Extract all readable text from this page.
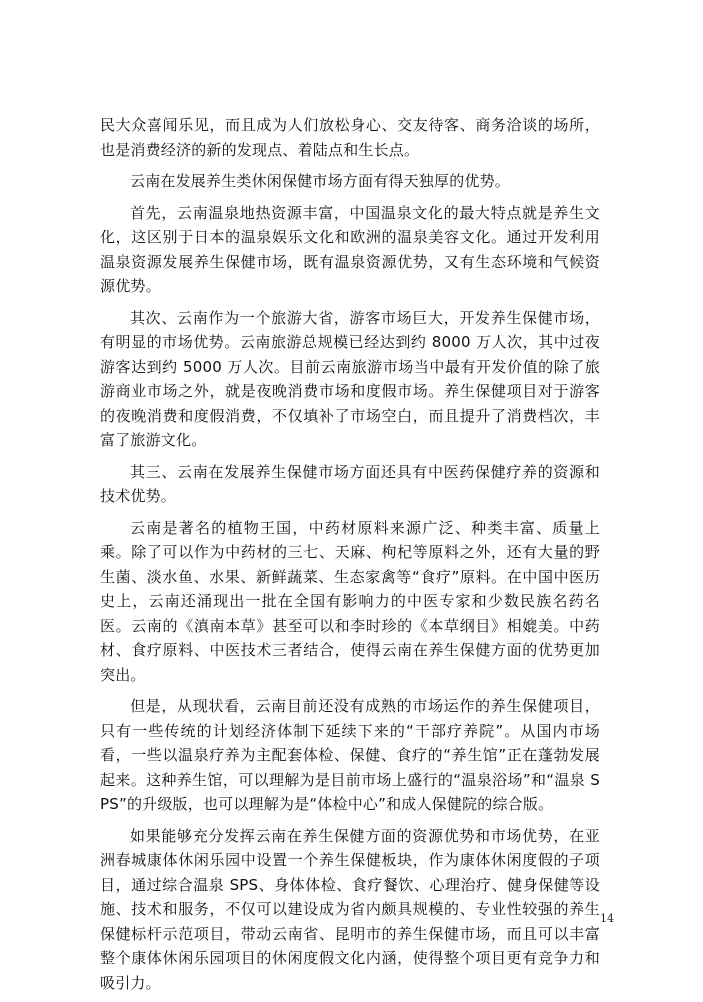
民大众喜闻乐见，而且成为人们放松身心、交友待客、商务洽谈的场所，也是消费经济的新的发现点、着陆点和生长点。

云南在发展养生类休闲保健市场方面有得天独厚的优势。

首先，云南温泉地热资源丰富，中国温泉文化的最大特点就是养生文化，这区别于日本的温泉娱乐文化和欧洲的温泉美容文化。通过开发利用温泉资源发展养生保健市场，既有温泉资源优势，又有生态环境和气候资源优势。

其次、云南作为一个旅游大省，游客市场巨大，开发养生保健市场，有明显的市场优势。云南旅游总规模已经达到约 8000 万人次，其中过夜游客达到约 5000 万人次。目前云南旅游市场当中最有开发价值的除了旅游商业市场之外，就是夜晚消费市场和度假市场。养生保健项目对于游客的夜晚消费和度假消费，不仅填补了市场空白，而且提升了消费档次，丰富了旅游文化。

其三、云南在发展养生保健市场方面还具有中医药保健疗养的资源和技术优势。

云南是著名的植物王国，中药材原料来源广泛、种类丰富、质量上乘。除了可以作为中药材的三七、天麻、枸杞等原料之外，还有大量的野生菌、淡水鱼、水果、新鲜蔬菜、生态家禽等“食疗”原料。在中国中医历史上，云南还涌现出一批在全国有影响力的中医专家和少数民族名药名医。云南的《滇南本草》甚至可以和李时珍的《本草纲目》相媲美。中药材、食疗原料、中医技术三者结合，使得云南在养生保健方面的优势更加突出。

但是，从现状看，云南目前还没有成熟的市场运作的养生保健项目，只有一些传统的计划经济体制下延续下来的“干部疗养院”。从国内市场看，一些以温泉疗养为主配套体检、保健、食疗的“养生馆”正在蓬勃发展起来。这种养生馆，可以理解为是目前市场上盛行的“温泉浴场”和“温泉 SPS”的升级版，也可以理解为是“体检中心”和成人保健院的综合版。

如果能够充分发挥云南在养生保健方面的资源优势和市场优势，在亚洲春城康体休闲乐园中设置一个养生保健板块，作为康体休闲度假的子项目，通过综合温泉 SPS、身体体检、食疗餐饮、心理治疗、健身保健等设施、技术和服务，不仅可以建设成为省内颇具规模的、专业性较强的养生保健标杆示范项目，带动云南省、昆明市的养生保健市场，而且可以丰富整个康体休闲乐园项目的休闲度假文化内涵，使得整个项目更有竞争力和吸引力。

14
